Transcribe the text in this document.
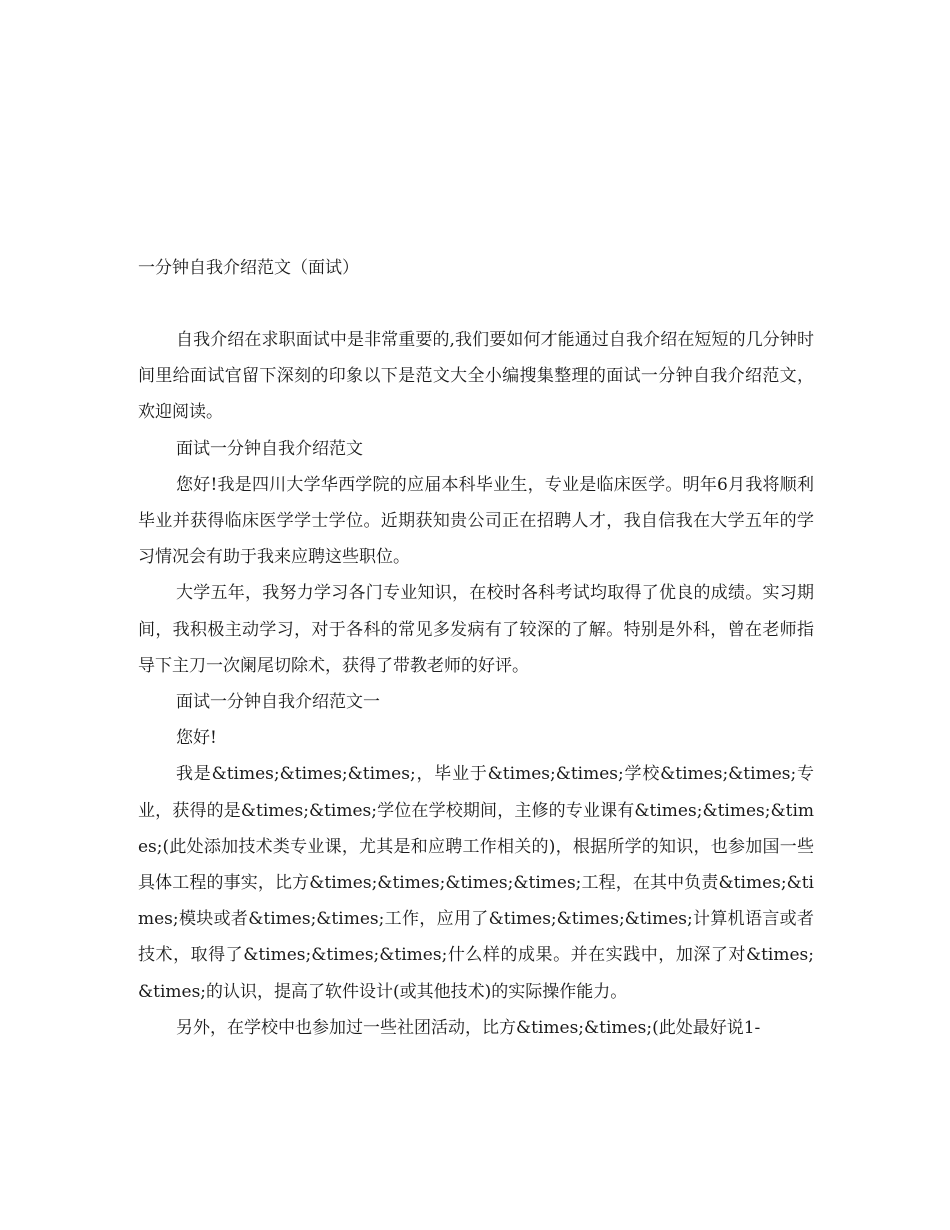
一分钟自我介绍范文（面试）

自我介绍在求职面试中是非常重要的,我们要如何才能通过自我介绍在短短的几分钟时间里给面试官留下深刻的印象以下是范文大全小编搜集整理的面试一分钟自我介绍范文，欢迎阅读。

面试一分钟自我介绍范文

您好!我是四川大学华西学院的应届本科毕业生，专业是临床医学。明年6月我将顺利毕业并获得临床医学学士学位。近期获知贵公司正在招聘人才，我自信我在大学五年的学习情况会有助于我来应聘这些职位。

大学五年，我努力学习各门专业知识，在校时各科考试均取得了优良的成绩。实习期间，我积极主动学习，对于各科的常见多发病有了较深的了解。特别是外科，曾在老师指导下主刀一次阑尾切除术，获得了带教老师的好评。

面试一分钟自我介绍范文一

您好!

我是&times;&times;&times;，毕业于&times;&times;学校&times;&times;专业，获得的是&times;&times;学位在学校期间，主修的专业课有&times;&times;&times;(此处添加技术类专业课，尤其是和应聘工作相关的)，根据所学的知识，也参加国一些具体工程的事实，比方&times;&times;&times;&times;工程，在其中负责&times;&times;模块或者&times;&times;工作，应用了&times;&times;&times;计算机语言或者技术，取得了&times;&times;&times;什么样的成果。并在实践中，加深了对&times;&times;的认识，提高了软件设计(或其他技术)的实际操作能力。

另外，在学校中也参加过一些社团活动，比方&times;&times;(此处最好说1-
